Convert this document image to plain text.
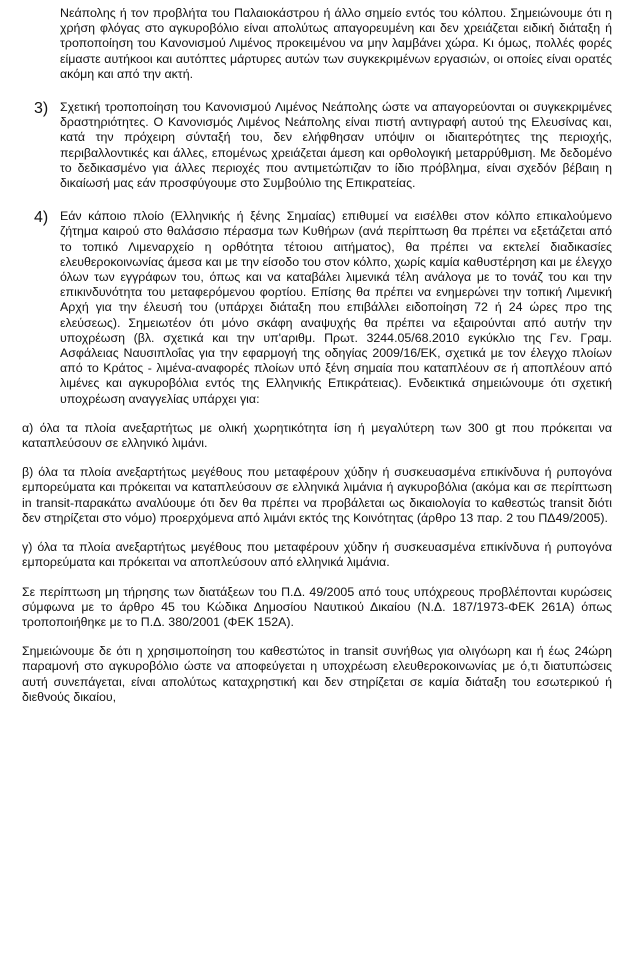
Νεάπολης ή τον προβλήτα του Παλαιοκάστρου ή άλλο σημείο εντός του κόλπου. Σημειώνουμε ότι η χρήση φλόγας στο αγκυροβόλιο είναι απολύτως απαγορευμένη και δεν χρειάζεται ειδική διάταξη ή τροποποίηση του Κανονισμού Λιμένος προκειμένου να μην λαμβάνει χώρα. Κι όμως, πολλές φορές είμαστε αυτήκοοι και αυτόπτες μάρτυρες αυτών των συγκεκριμένων εργασιών, οι οποίες είναι ορατές ακόμη και από την ακτή.

3) Σχετική τροποποίηση του Κανονισμού Λιμένος Νεάπολης ώστε να απαγορεύονται οι συγκεκριμένες δραστηριότητες. Ο Κανονισμός Λιμένος Νεάπολης είναι πιστή αντιγραφή αυτού της Ελευσίνας και, κατά την πρόχειρη σύνταξή του, δεν ελήφθησαν υπόψιν οι ιδιαιτερότητες της περιοχής, περιβαλλοντικές και άλλες, επομένως χρειάζεται άμεση και ορθολογική μεταρρύθμιση. Με δεδομένο το δεδικασμένο για άλλες περιοχές που αντιμετώπιζαν το ίδιο πρόβλημα, είναι σχεδόν βέβαιη η δικαίωσή μας εάν προσφύγουμε στο Συμβούλιο της Επικρατείας.

4) Εάν κάποιο πλοίο (Ελληνικής ή ξένης Σημαίας) επιθυμεί να εισέλθει στον κόλπο επικαλούμενο ζήτημα καιρού στο θαλάσσιο πέρασμα των Κυθήρων (ανά περίπτωση θα πρέπει να εξετάζεται από το τοπικό Λιμεναρχείο η ορθότητα τέτοιου αιτήματος), θα πρέπει να εκτελεί διαδικασίες ελευθεροκοινωνίας άμεσα και με την είσοδο του στον κόλπο, χωρίς καμία καθυστέρηση και με έλεγχο όλων των εγγράφων του, όπως και να καταβάλει λιμενικά τέλη ανάλογα με το τονάζ του και την επικινδυνότητα του μεταφερόμενου φορτίου. Επίσης θα πρέπει να ενημερώνει την τοπική Λιμενική Αρχή για την έλευσή του (υπάρχει διάταξη που επιβάλλει ειδοποίηση 72 ή 24 ώρες προ της ελεύσεως). Σημειωτέον ότι μόνο σκάφη αναψυχής θα πρέπει να εξαιρούνται από αυτήν την υποχρέωση (βλ. σχετικά και την υπ'αριθμ. Πρωτ. 3244.05/68.2010 εγκύκλιο της Γεν. Γραμ. Ασφάλειας Ναυσιπλοΐας για την εφαρμογή της οδηγίας 2009/16/ΕΚ, σχετικά με τον έλεγχο πλοίων από το Κράτος - λιμένα-αναφορές πλοίων υπό ξένη σημαία που καταπλέουν σε ή αποπλέουν από λιμένες και αγκυροβόλια εντός της Ελληνικής Επικράτειας). Ενδεικτικά σημειώνουμε ότι σχετική υποχρέωση αναγγελίας υπάρχει για:

α) όλα τα πλοία ανεξαρτήτως με ολική χωρητικότητα ίση ή μεγαλύτερη των 300 gt που πρόκειται να καταπλεύσουν σε ελληνικό λιμάνι.

β) όλα τα πλοία ανεξαρτήτως μεγέθους που μεταφέρουν χύδην ή συσκευασμένα επικίνδυνα ή ρυπογόνα εμπορεύματα και πρόκειται να καταπλεύσουν σε ελληνικά λιμάνια ή αγκυροβόλια (ακόμα και σε περίπτωση in transit-παρακάτω αναλύουμε ότι δεν θα πρέπει να προβάλεται ως δικαιολογία το καθεστώς transit διότι δεν στηρίζεται στο νόμο) προερχόμενα από λιμάνι εκτός της Κοινότητας (άρθρο 13 παρ. 2 του ΠΔ49/2005).

γ) όλα τα πλοία ανεξαρτήτως μεγέθους που μεταφέρουν χύδην ή συσκευασμένα επικίνδυνα ή ρυπογόνα εμπορεύματα και πρόκειται να αποπλεύσουν από ελληνικά λιμάνια.

Σε περίπτωση μη τήρησης των διατάξεων του Π.Δ. 49/2005 από τους υπόχρεους προβλέπονται κυρώσεις σύμφωνα με το άρθρο 45 του Κώδικα Δημοσίου Ναυτικού Δικαίου (Ν.Δ. 187/1973-ΦΕΚ 261Α) όπως τροποποιήθηκε με το Π.Δ. 380/2001 (ΦΕΚ 152Α).

Σημειώνουμε δε ότι η χρησιμοποίηση του καθεστώτος in transit συνήθως για ολιγόωρη και ή έως 24ώρη παραμονή στο αγκυροβόλιο ώστε να αποφεύγεται η υποχρέωση ελευθεροκοινωνίας με ό,τι διατυπώσεις αυτή συνεπάγεται, είναι απολύτως καταχρηστική και δεν στηρίζεται σε καμία διάταξη του εσωτερικού ή διεθνούς δικαίου,
